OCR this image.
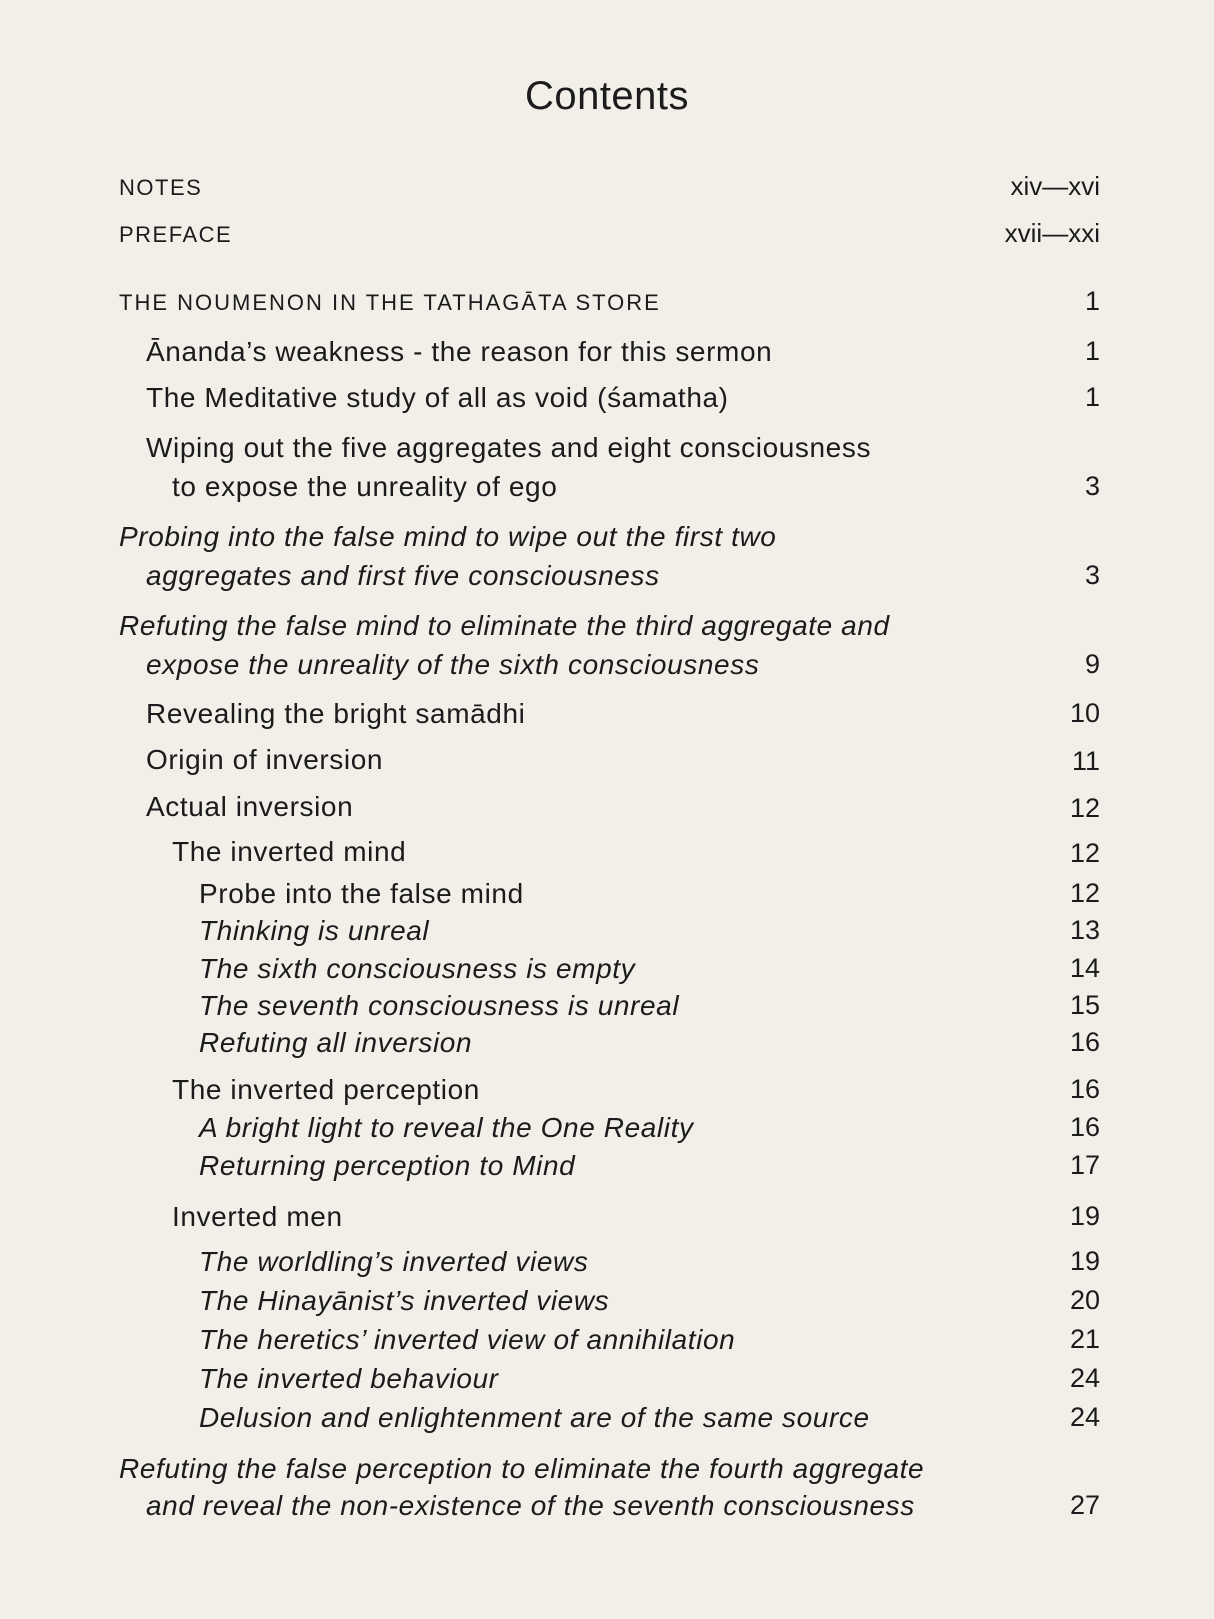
Contents
NOTES	xiv—xvi
PREFACE	xvii—xxi
THE NOUMENON IN THE TATHAGĀTA STORE	1
Ānanda’s weakness - the reason for this sermon	1
The Meditative study of all as void (śamatha)	1
Wiping out the five aggregates and eight consciousness
to expose the unreality of ego	3
Probing into the false mind to wipe out the first two
aggregates and first five consciousness	3
Refuting the false mind to eliminate the third aggregate and
expose the unreality of the sixth consciousness	9
Revealing the bright samādhi	10
Origin of inversion	11
Actual inversion	12
The inverted mind	12
Probe into the false mind	12
Thinking is unreal	13
The sixth consciousness is empty	14
The seventh consciousness is unreal	15
Refuting all inversion	16
The inverted perception	16
A bright light to reveal the One Reality	16
Returning perception to Mind	17
Inverted men	19
The worldling’s inverted views	19
The Hinayānist’s inverted views	20
The heretics’ inverted view of annihilation	21
The inverted behaviour	24
Delusion and enlightenment are of the same source	24
Refuting the false perception to eliminate the fourth aggregate
and reveal the non-existence of the seventh consciousness	27
